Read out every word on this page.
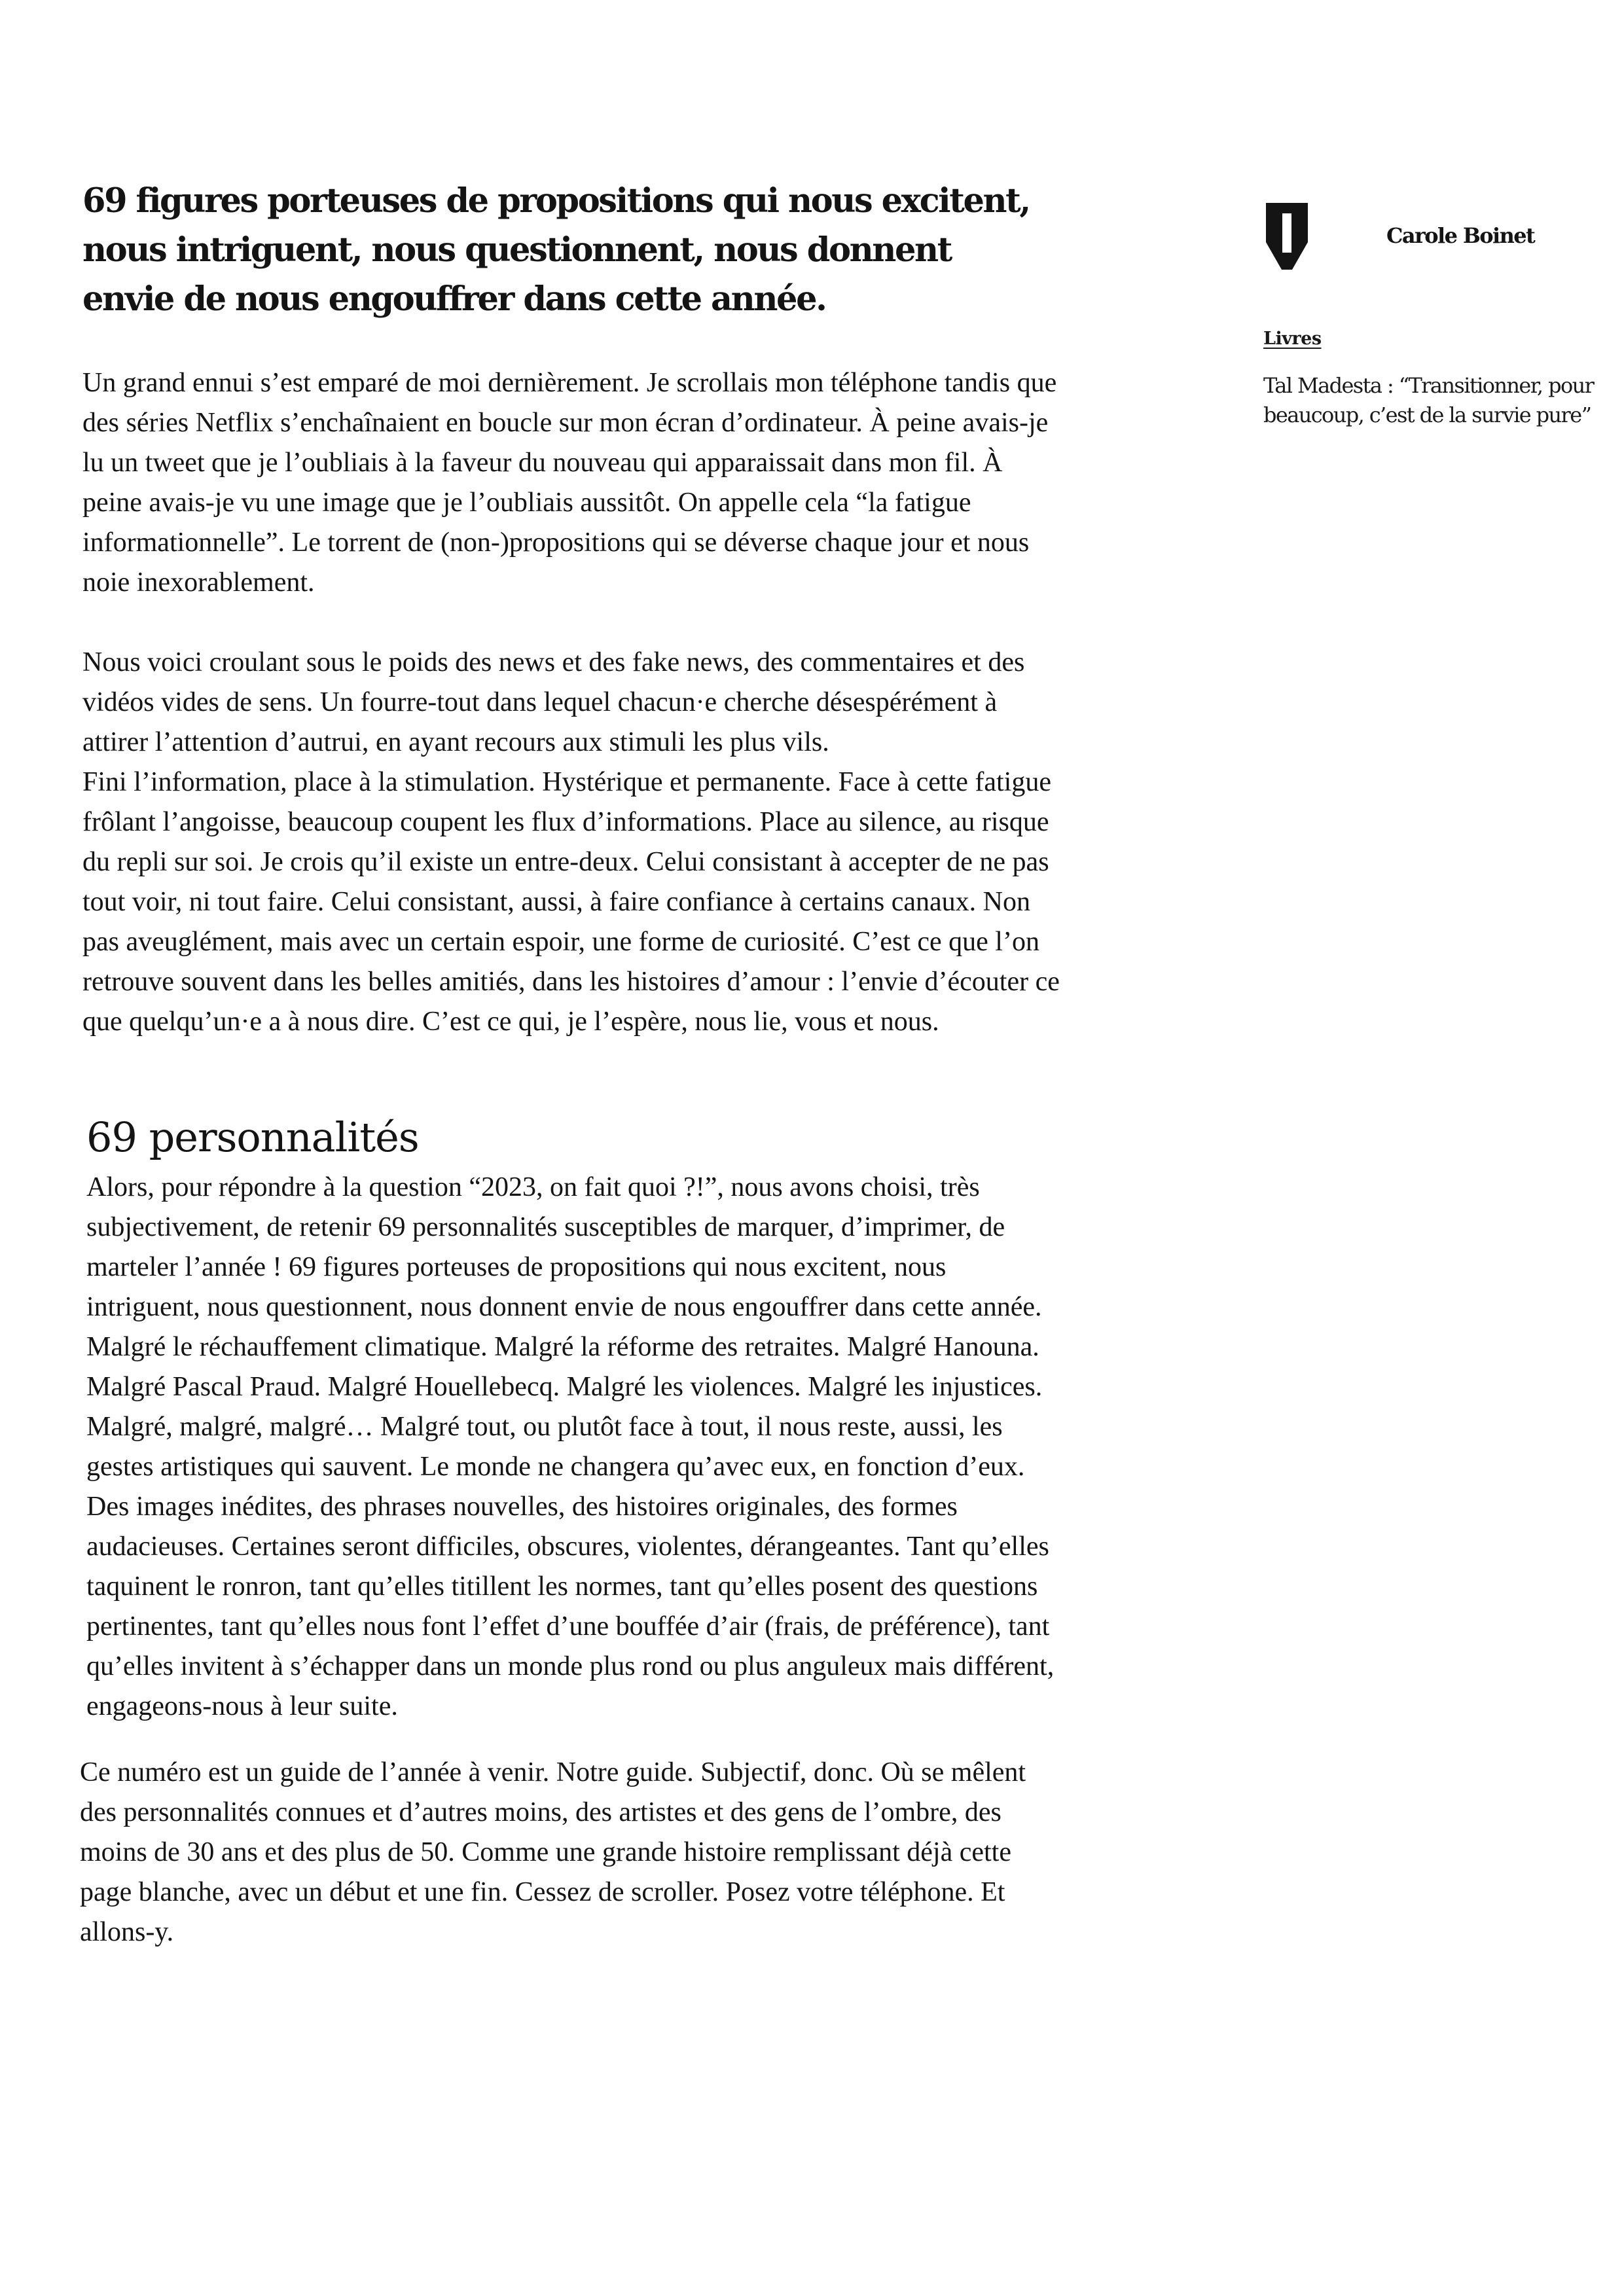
69 figures porteuses de propositions qui nous excitent, nous intriguent, nous questionnent, nous donnent envie de nous engouffrer dans cette année.

Un grand ennui s’est emparé de moi dernièrement. Je scrollais mon téléphone tandis que des séries Netflix s’enchaînaient en boucle sur mon écran d’ordinateur. À peine avais-je lu un tweet que je l’oubliais à la faveur du nouveau qui apparaissait dans mon fil. À peine avais-je vu une image que je l’oubliais aussitôt. On appelle cela “la fatigue informationnelle”. Le torrent de (non-)propositions qui se déverse chaque jour et nous noie inexorablement.

Nous voici croulant sous le poids des news et des fake news, des commentaires et des vidéos vides de sens. Un fourre-tout dans lequel chacun·e cherche désespérément à attirer l’attention d’autrui, en ayant recours aux stimuli les plus vils.

Fini l’information, place à la stimulation. Hystérique et permanente. Face à cette fatigue frôlant l’angoisse, beaucoup coupent les flux d’informations. Place au silence, au risque du repli sur soi. Je crois qu’il existe un entre-deux. Celui consistant à accepter de ne pas tout voir, ni tout faire. Celui consistant, aussi, à faire confiance à certains canaux. Non pas aveuglément, mais avec un certain espoir, une forme de curiosité. C’est ce que l’on retrouve souvent dans les belles amitiés, dans les histoires d’amour : l’envie d’écouter ce que quelqu’un·e a à nous dire. C’est ce qui, je l’espère, nous lie, vous et nous.

69 personnalités

Alors, pour répondre à la question “2023, on fait quoi ?!”, nous avons choisi, très subjectivement, de retenir 69 personnalités susceptibles de marquer, d’imprimer, de marteler l’année ! 69 figures porteuses de propositions qui nous excitent, nous intriguent, nous questionnent, nous donnent envie de nous engouffrer dans cette année. Malgré le réchauffement climatique. Malgré la réforme des retraites. Malgré Hanouna. Malgré Pascal Praud. Malgré Houellebecq. Malgré les violences. Malgré les injustices. Malgré, malgré, malgré… Malgré tout, ou plutôt face à tout, il nous reste, aussi, les gestes artistiques qui sauvent. Le monde ne changera qu’avec eux, en fonction d’eux. Des images inédites, des phrases nouvelles, des histoires originales, des formes audacieuses. Certaines seront difficiles, obscures, violentes, dérangeantes. Tant qu’elles taquinent le ronron, tant qu’elles titillent les normes, tant qu’elles posent des questions pertinentes, tant qu’elles nous font l’effet d’une bouffée d’air (frais, de préférence), tant qu’elles invitent à s’échapper dans un monde plus rond ou plus anguleux mais différent, engageons-nous à leur suite.

Ce numéro est un guide de l’année à venir. Notre guide. Subjectif, donc. Où se mêlent des personnalités connues et d’autres moins, des artistes et des gens de l’ombre, des moins de 30 ans et des plus de 50. Comme une grande histoire remplissant déjà cette page blanche, avec un début et une fin. Cessez de scroller. Posez votre téléphone. Et allons-y.

Carole Boinet
Livres
Tal Madesta : “Transitionner, pour beaucoup, c’est de la survie pure”
